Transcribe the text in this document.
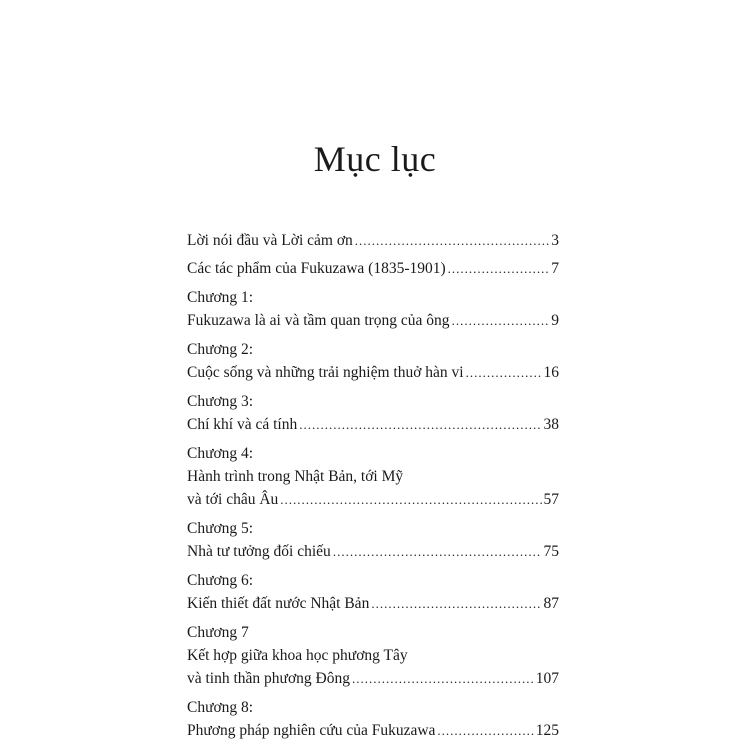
Mục lục
Lời nói đầu và Lời cảm ơn .....	3
Các tác phẩm của Fukuzawa (1835-1901) .....	7
Chương 1:
Fukuzawa là ai và tầm quan trọng của ông .....	9
Chương 2:
Cuộc sống và những trải nghiệm thuở hàn vi .....	16
Chương 3:
Chí khí và cá tính .....	38
Chương 4:
Hành trình trong Nhật Bản, tới Mỹ
và tới châu Âu .....	57
Chương 5:
Nhà tư tưởng đối chiếu .....	75
Chương 6:
Kiến thiết đất nước Nhật Bản .....	87
Chương 7
Kết hợp giữa khoa học phương Tây
và tinh thần phương Đông .....	107
Chương 8:
Phương pháp nghiên cứu của Fukuzawa .....	125
